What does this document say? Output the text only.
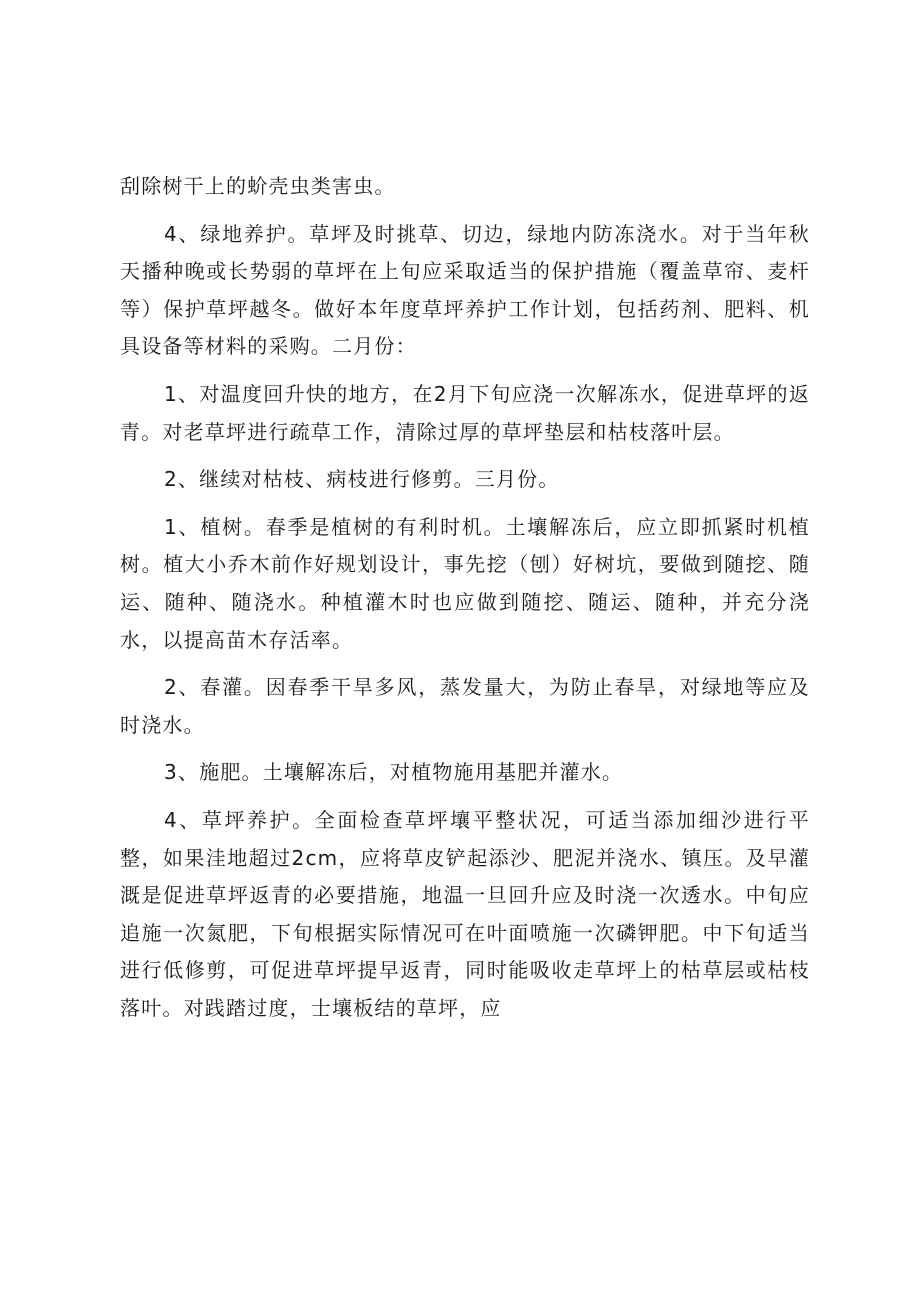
刮除树干上的蚧壳虫类害虫。

4、绿地养护。草坪及时挑草、切边，绿地内防冻浇水。对于当年秋天播种晚或长势弱的草坪在上旬应采取适当的保护措施（覆盖草帘、麦杆等）保护草坪越冬。做好本年度草坪养护工作计划，包括药剂、肥料、机具设备等材料的采购。二月份：

1、对温度回升快的地方，在2月下旬应浇一次解冻水，促进草坪的返青。对老草坪进行疏草工作，清除过厚的草坪垫层和枯枝落叶层。

2、继续对枯枝、病枝进行修剪。三月份。

1、植树。春季是植树的有利时机。土壤解冻后，应立即抓紧时机植树。植大小乔木前作好规划设计，事先挖（刨）好树坑，要做到随挖、随运、随种、随浇水。种植灌木时也应做到随挖、随运、随种，并充分浇水，以提高苗木存活率。

2、春灌。因春季干旱多风，蒸发量大，为防止春旱，对绿地等应及时浇水。

3、施肥。土壤解冻后，对植物施用基肥并灌水。

4、草坪养护。全面检查草坪壤平整状况，可适当添加细沙进行平整，如果洼地超过2cm，应将草皮铲起添沙、肥泥并浇水、镇压。及早灌溉是促进草坪返青的必要措施，地温一旦回升应及时浇一次透水。中旬应追施一次氮肥，下旬根据实际情况可在叶面喷施一次磷钾肥。中下旬适当进行低修剪，可促进草坪提早返青，同时能吸收走草坪上的枯草层或枯枝落叶。对践踏过度，士壤板结的草坪，应
